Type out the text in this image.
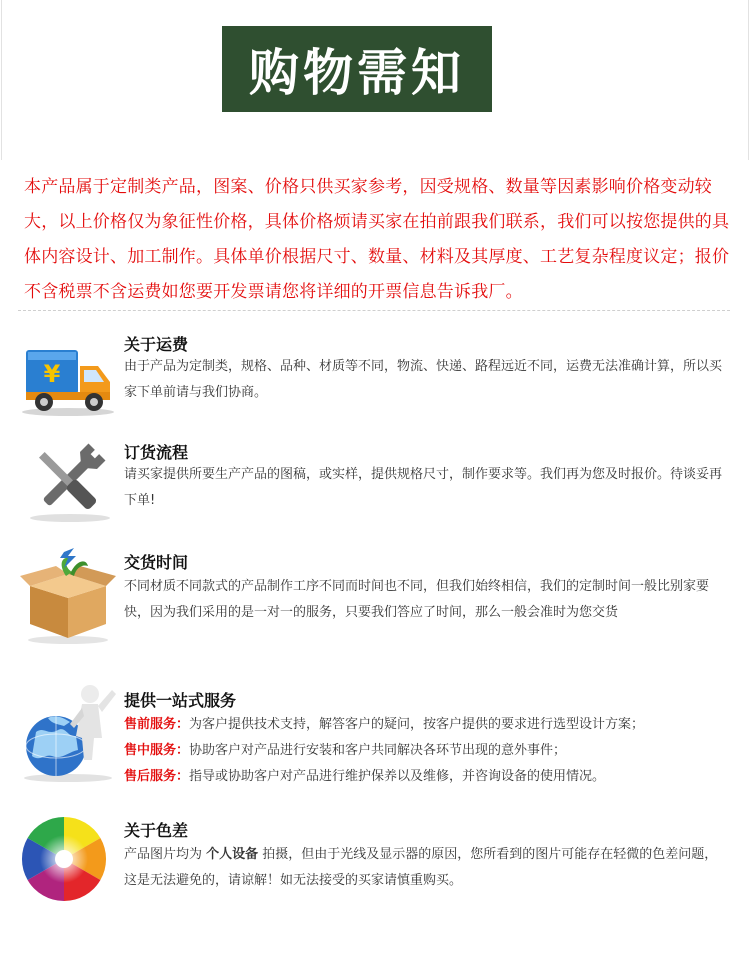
购物需知
本产品属于定制类产品，图案、价格只供买家参考，因受规格、数量等因素影响价格变动较大，以上价格仅为象征性价格，具体价格烦请买家在拍前跟我们联系，我们可以按您提供的具体内容设计、加工制作。具体单价根据尺寸、数量、材料及其厚度、工艺复杂程度议定；报价不含税票不含运费如您要开发票请您将详细的开票信息告诉我厂。
¥
关于运费
由于产品为定制类，规格、品种、材质等不同，物流、快递、路程远近不同，运费无法准确计算，所以买家下单前请与我们协商。
订货流程
请买家提供所要生产产品的图稿，或实样，提供规格尺寸，制作要求等。我们再为您及时报价。待谈妥再下单!
交货时间
不同材质不同款式的产品制作工序不同而时间也不同，但我们始终相信，我们的定制时间一般比别家要快，因为我们采用的是一对一的服务，只要我们答应了时间，那么一般会准时为您交货
提供一站式服务
售前服务：为客户提供技术支持，解答客户的疑问，按客户提供的要求进行选型设计方案；
售中服务：协助客户对产品进行安装和客户共同解决各环节出现的意外事件；
售后服务：指导或协助客户对产品进行维护保养以及维修，并咨询设备的使用情况。
关于色差
产品图片均为 个人设备 拍摄，但由于光线及显示器的原因，您所看到的图片可能存在轻微的色差问题，这是无法避免的，请谅解！如无法接受的买家请慎重购买。
